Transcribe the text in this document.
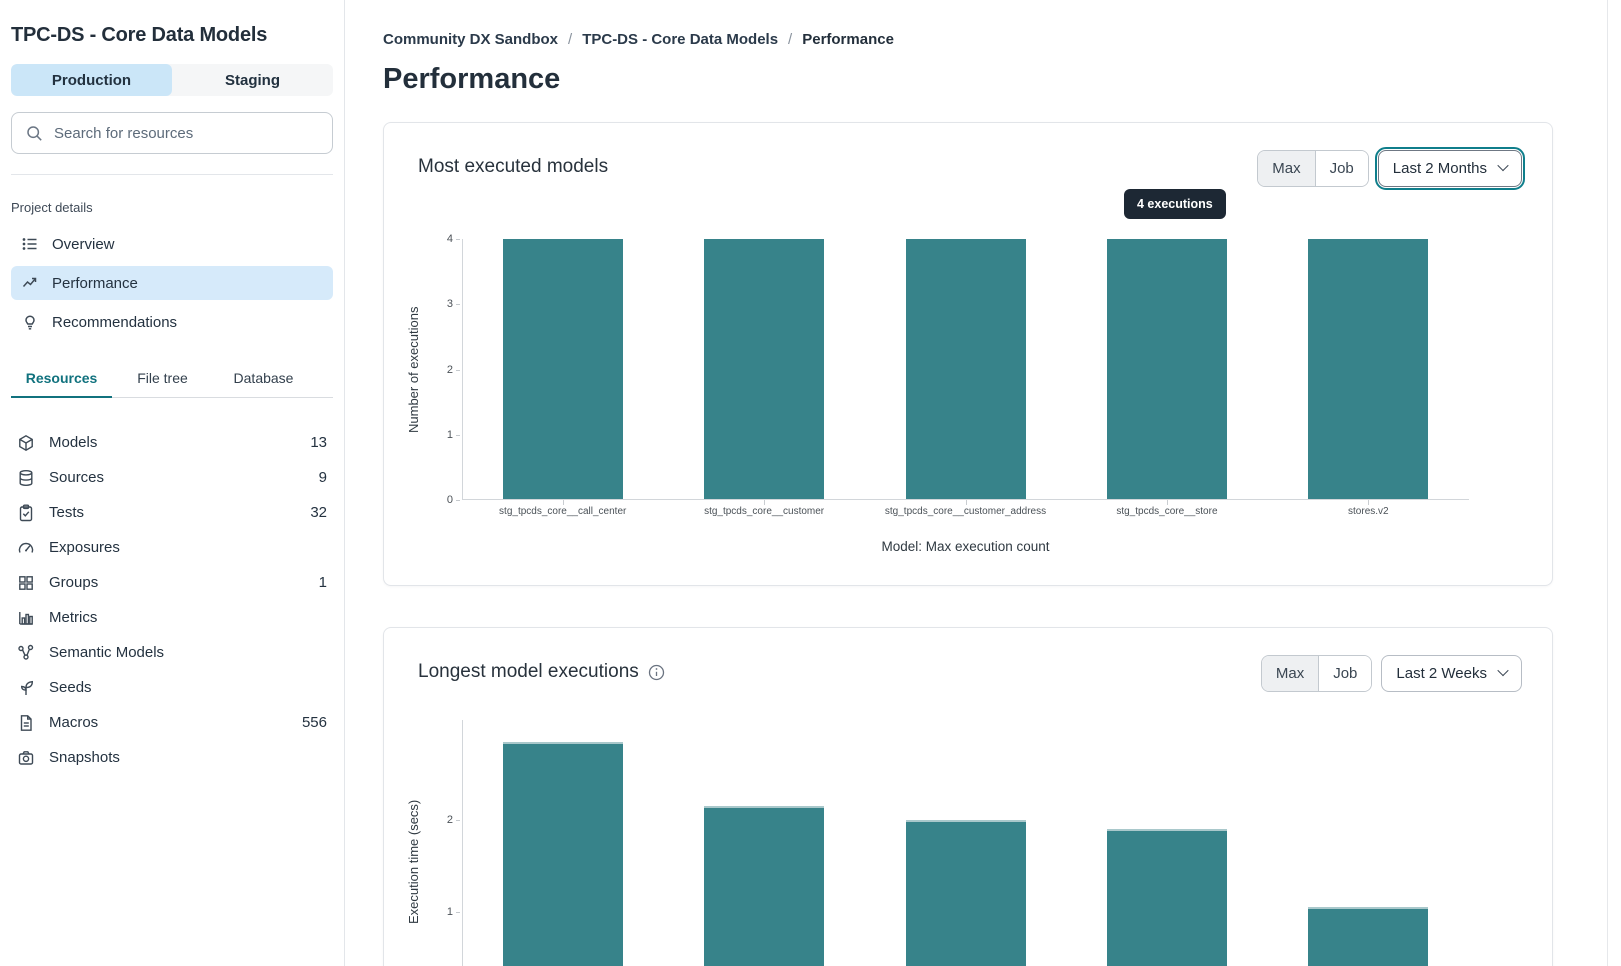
TPC-DS - Core Data Models
Production	Staging
Search for resources
Project details
Overview
Performance
Recommendations
Resources	File tree	Database
Models	13
Sources	9
Tests	32
Exposures
Groups	1
Metrics
Semantic Models
Seeds
Macros	556
Snapshots
Community DX Sandbox / TPC-DS - Core Data Models / Performance
Performance
Most executed models	Max	Job	Last 2 Months
4 executions
Number of executions
0
1
2
3
4
stg_tpcds_core__call_center	stg_tpcds_core__customer	stg_tpcds_core__customer_address	stg_tpcds_core__store	stores.v2
Model: Max execution count
Longest model executions	Max	Job	Last 2 Weeks
Execution time (secs) 1
2
